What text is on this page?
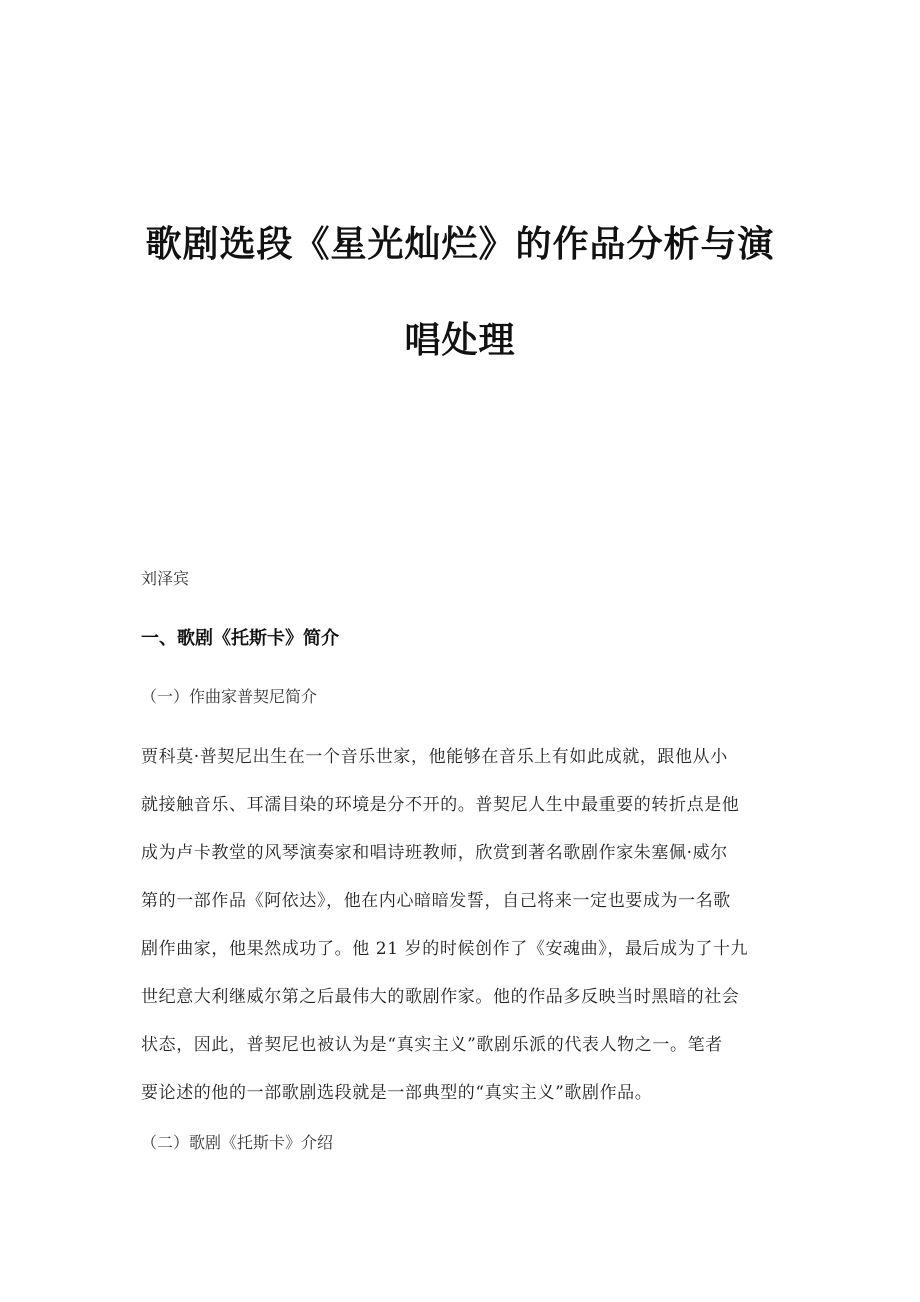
歌剧选段《星光灿烂》的作品分析与演
唱处理
刘泽宾
一、歌剧《托斯卡》简介
（一）作曲家普契尼简介
贾科莫·普契尼出生在一个音乐世家，他能够在音乐上有如此成就，跟他从小
就接触音乐、耳濡目染的环境是分不开的。普契尼人生中最重要的转折点是他
成为卢卡教堂的风琴演奏家和唱诗班教师，欣赏到著名歌剧作家朱塞佩·威尔
第的一部作品《阿依达》，他在内心暗暗发誓，自己将来一定也要成为一名歌
剧作曲家，他果然成功了。他 21 岁的时候创作了《安魂曲》，最后成为了十九
世纪意大利继威尔第之后最伟大的歌剧作家。他的作品多反映当时黑暗的社会
状态，因此，普契尼也被认为是“真实主义”歌剧乐派的代表人物之一。笔者
要论述的他的一部歌剧选段就是一部典型的“真实主义”歌剧作品。
（二）歌剧《托斯卡》介绍
